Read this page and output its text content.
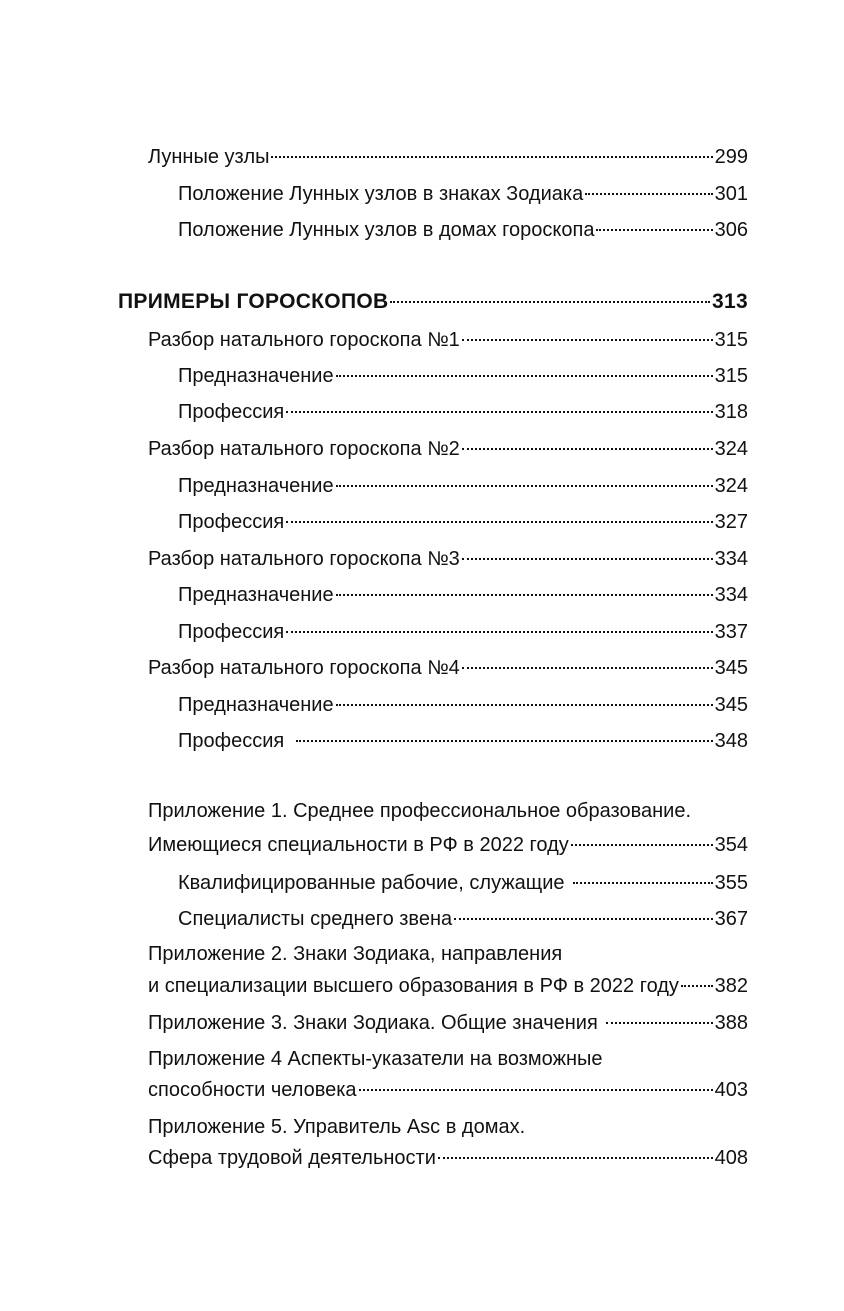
Лунные узлы	299
Положение Лунных узлов в знаках Зодиака	301
Положение Лунных узлов в домах гороскопа	306
ПРИМЕРЫ ГОРОСКОПОВ	313
Разбор натального гороскопа №1	315
Предназначение	315
Профессия	318
Разбор натального гороскопа №2	324
Предназначение	324
Профессия	327
Разбор натального гороскопа №3	334
Предназначение	334
Профессия	337
Разбор натального гороскопа №4	345
Предназначение	345
Профессия	348
Приложение 1. Среднее профессиональное образование.
Имеющиеся специальности в РФ в 2022 году	354
Квалифицированные рабочие, служащие	355
Специалисты среднего звена	367
Приложение 2. Знаки Зодиака, направления
и специализации высшего образования в РФ в 2022 году 382
Приложение 3. Знаки Зодиака. Общие значения	388
Приложение 4 Аспекты-указатели на возможные
способности человека	403
Приложение 5. Управитель Asc в домах.
Сфера трудовой деятельности	408
